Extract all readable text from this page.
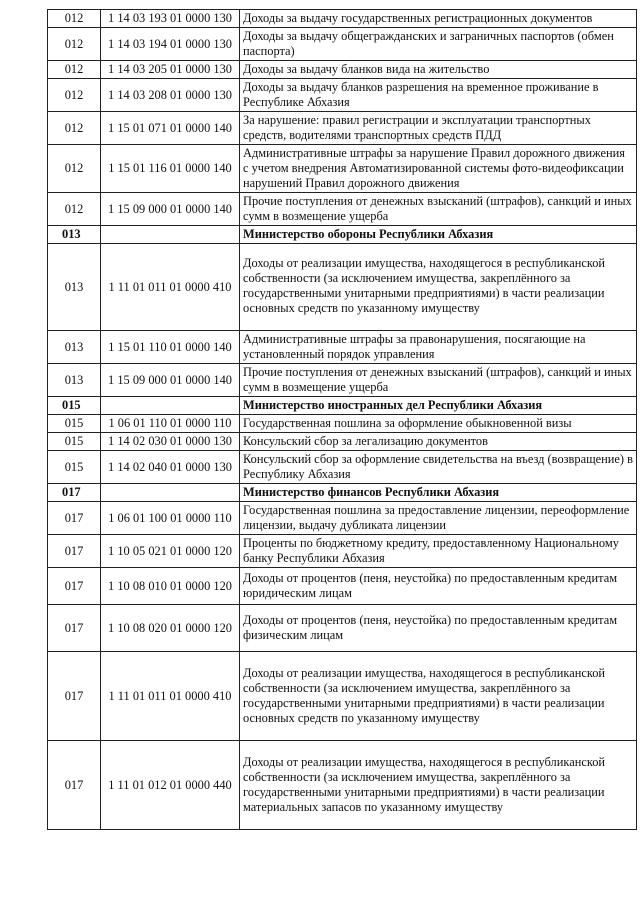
012	1 14 03 193 01 0000 130	Доходы за выдачу государственных регистрационных документов
012	1 14 03 194 01 0000 130	Доходы за выдачу общегражданских и заграничных паспортов (обмен паспорта)
012	1 14 03 205 01 0000 130	Доходы за выдачу бланков вида на жительство
012	1 14 03 208 01 0000 130	Доходы за выдачу бланков разрешения на временное проживание в Республике Абхазия
012	1 15 01 071 01 0000 140	За нарушение: правил регистрации и эксплуатации транспортных средств, водителями транспортных средств ПДД
012	1 15 01 116 01 0000 140	Административные штрафы за нарушение Правил дорожного движения с учетом внедрения Автоматизированной системы фото-видеофиксации нарушений Правил дорожного движения
012	1 15 09 000 01 0000 140	Прочие поступления от денежных взысканий (штрафов), санкций и иных сумм в возмещение ущерба
013		Министерство обороны Республики Абхазия
013	1 11 01 011 01 0000 410	Доходы от реализации имущества, находящегося в республиканской собственности (за исключением имущества, закреплённого за государственными унитарными предприятиями) в части реализации основных средств по указанному имуществу
013	1 15 01 110 01 0000 140	Административные штрафы за правонарушения, посягающие на установленный порядок управления
013	1 15 09 000 01 0000 140	Прочие поступления от денежных взысканий (штрафов), санкций и иных сумм в возмещение ущерба
015		Министерство иностранных дел Республики Абхазия
015	1 06 01 110 01 0000 110	Государственная пошлина за оформление обыкновенной визы
015	1 14 02 030 01 0000 130	Консульский сбор за легализацию документов
015	1 14 02 040 01 0000 130	Консульский сбор за оформление свидетельства на въезд (возвращение) в Республику Абхазия
017		Министерство финансов Республики Абхазия
017	1 06 01 100 01 0000 110	Государственная пошлина за предоставление лицензии, переоформление лицензии, выдачу дубликата лицензии
017	1 10 05 021 01 0000 120	Проценты по бюджетному кредиту, предоставленному Национальному банку Республики Абхазия
017	1 10 08 010 01 0000 120	Доходы от процентов (пеня, неустойка) по предоставленным кредитам юридическим лицам
017	1 10 08 020 01 0000 120	Доходы от процентов (пеня, неустойка) по предоставленным кредитам физическим лицам
017	1 11 01 011 01 0000 410	Доходы от реализации имущества, находящегося в республиканской собственности (за исключением имущества, закреплённого за государственными унитарными предприятиями) в части реализации основных средств по указанному имуществу
017	1 11 01 012 01 0000 440	Доходы от реализации имущества, находящегося в республиканской собственности (за исключением имущества, закреплённого за государственными унитарными предприятиями) в части реализации материальных запасов по указанному имуществу
